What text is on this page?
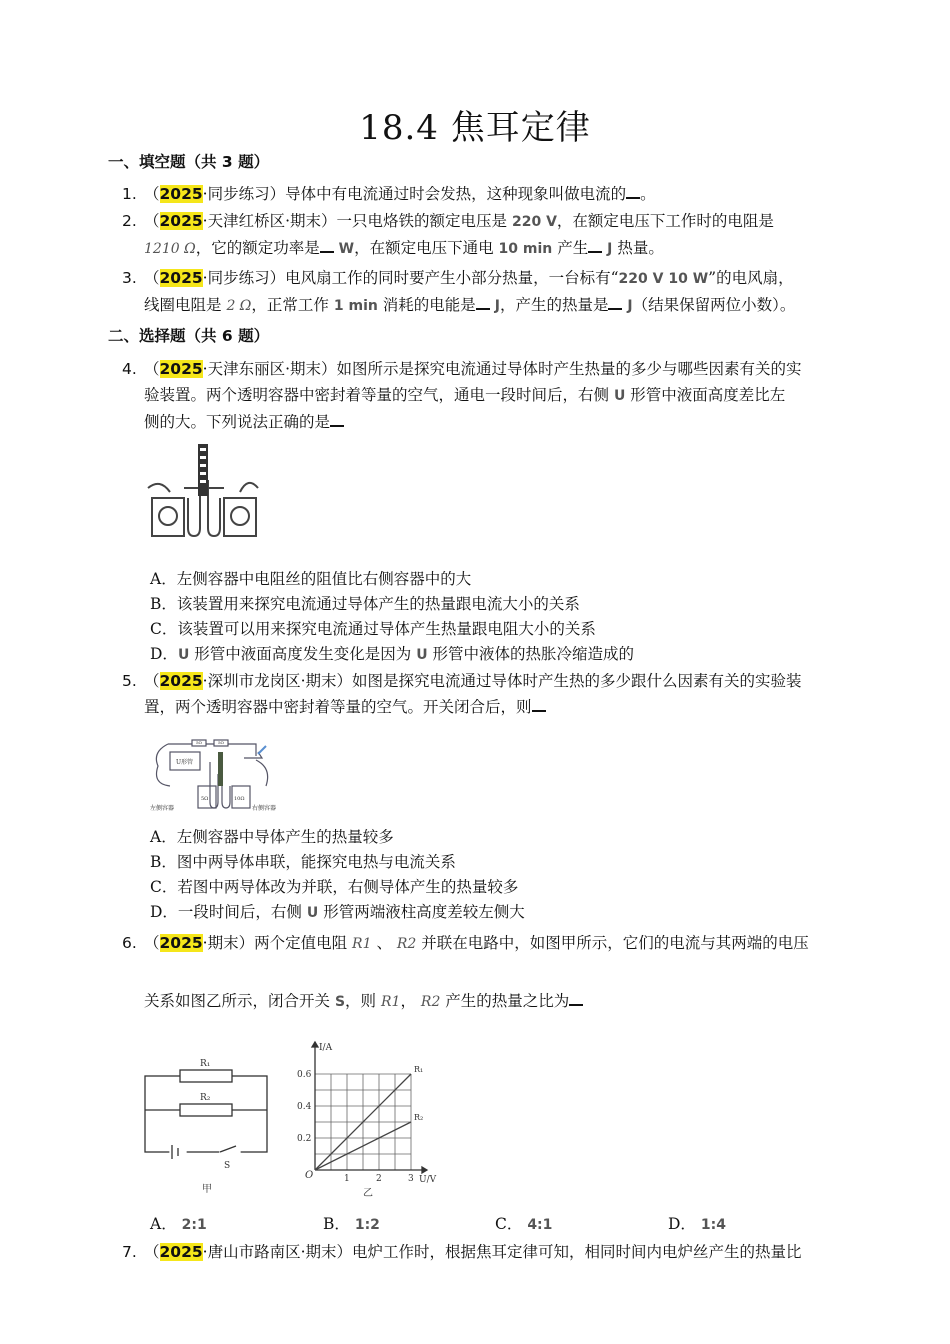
18.4 焦耳定律
一、填空题（共 3 题）
1. （2025·同步练习）导体中有电流通过时会发热，这种现象叫做电流的 。
2. （2025·天津红桥区·期末）一只电烙铁的额定电压是 220 V，在额定电压下工作时的电阻是
1210 Ω，它的额定功率是 W，在额定电压下通电 10 min 产生 J 热量。
3. （2025·同步练习）电风扇工作的同时要产生小部分热量，一台标有“220 V 10 W”的电风扇，
线圈电阻是 2 Ω，正常工作 1 min 消耗的电能是 J，产生的热量是 J（结果保留两位小数）。
二、选择题（共 6 题）
4. （2025·天津东丽区·期末）如图所示是探究电流通过导体时产生热量的多少与哪些因素有关的实
验装置。两个透明容器中密封着等量的空气，通电一段时间后，右侧 U 形管中液面高度差比左
侧的大。下列说法正确的是
A．左侧容器中电阻丝的阻值比右侧容器中的大
B．该装置用来探究电流通过导体产生的热量跟电流大小的关系
C．该装置可以用来探究电流通过导体产生热量跟电阻大小的关系
D．U 形管中液面高度发生变化是因为 U 形管中液体的热胀冷缩造成的
5. （2025·深圳市龙岗区·期末）如图是探究电流通过导体时产生热的多少跟什么因素有关的实验装
置，两个透明容器中密封着等量的空气。开关闭合后，则
5Ω	5Ω
U形管
5Ω	10Ω
左侧容器	右侧容器
A．左侧容器中导体产生的热量较多
B．图中两导体串联，能探究电热与电流关系
C．若图中两导体改为并联，右侧导体产生的热量较多
D．一段时间后，右侧 U 形管两端液柱高度差较左侧大
6. （2025·期末）两个定值电阻 R1 、 R2 并联在电路中，如图甲所示，它们的电流与其两端的电压
关系如图乙所示，闭合开关 S，则 R1， R2 产生的热量之比为
R₁
R₂
S
甲
1	2	3
0.2
0.4
0.6
R₁
R₂
I/A
U/V
O
乙
A． 2:1	B． 1:2	C． 4:1	D． 1:4
7. （2025·唐山市路南区·期末）电炉工作时，根据焦耳定律可知，相同时间内电炉丝产生的热量比
